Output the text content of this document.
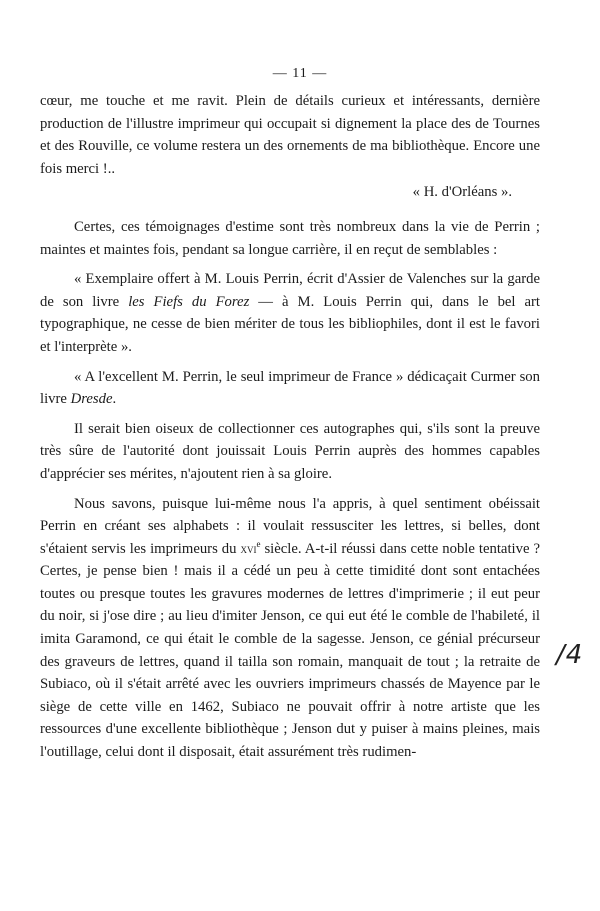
— 11 —

cœur, me touche et me ravit. Plein de détails curieux et intéressants, dernière production de l'illustre imprimeur qui occupait si dignement la place des de Tournes et des Rouville, ce volume restera un des ornements de ma bibliothèque. Encore une fois merci !..

« H. d'Orléans ».

Certes, ces témoignages d'estime sont très nombreux dans la vie de Perrin ; maintes et maintes fois, pendant sa longue carrière, il en reçut de semblables :

« Exemplaire offert à M. Louis Perrin, écrit d'Assier de Valenches sur la garde de son livre les Fiefs du Forez — à M. Louis Perrin qui, dans le bel art typographique, ne cesse de bien mériter de tous les bibliophiles, dont il est le favori et l'interprète ».

« A l'excellent M. Perrin, le seul imprimeur de France » dédicaçait Curmer son livre Dresde.

Il serait bien oiseux de collectionner ces autographes qui, s'ils sont la preuve très sûre de l'autorité dont jouissait Louis Perrin auprès des hommes capables d'apprécier ses mérites, n'ajoutent rien à sa gloire.

Nous savons, puisque lui-même nous l'a appris, à quel sentiment obéissait Perrin en créant ses alphabets : il voulait ressusciter les lettres, si belles, dont s'étaient servis les imprimeurs du xvi$^e$ siècle. A-t-il réussi dans cette noble tentative ? Certes, je pense bien ! mais il a cédé un peu à cette timidité dont sont entachées toutes ou presque toutes les gravures modernes de lettres d'imprimerie ; il eut peur du noir, si j'ose dire ; au lieu d'imiter Jenson, ce qui eut été le comble de l'habileté, il imita Garamond, ce qui était le comble de la sagesse. Jenson, ce génial précurseur des graveurs de lettres, quand il tailla son romain, manquait de tout ; la retraite de Subiaco, où il s'était arrêté avec les ouvriers imprimeurs chassés de Mayence par le siège de cette ville en 1462, Subiaco ne pouvait offrir à notre artiste que les ressources d'une excellente bibliothèque ; Jenson dut y puiser à mains pleines, mais l'outillage, celui dont il disposait, était assurément très rudimen-

/4
